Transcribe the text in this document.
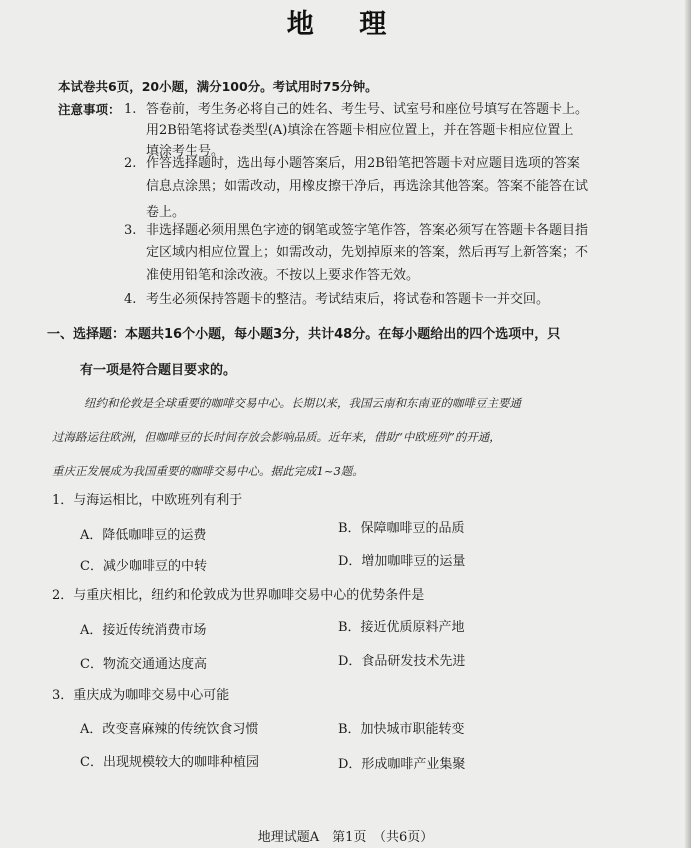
地 理
本试卷共6页，20小题，满分100分。考试用时75分钟。
注意事项： 1. 答卷前，考生务必将自己的姓名、考生号、试室号和座位号填写在答题卡上。
用2B铅笔将试卷类型(A)填涂在答题卡相应位置上，并在答题卡相应位置上
填涂考生号。
2. 作答选择题时，选出每小题答案后，用2B铅笔把答题卡对应题目选项的答案
信息点涂黑；如需改动，用橡皮擦干净后，再选涂其他答案。答案不能答在试
卷上。
3. 非选择题必须用黑色字迹的钢笔或签字笔作答，答案必须写在答题卡各题目指
定区域内相应位置上；如需改动，先划掉原来的答案，然后再写上新答案；不
准使用铅笔和涂改液。不按以上要求作答无效。
4. 考生必须保持答题卡的整洁。考试结束后，将试卷和答题卡一并交回。
一、选择题：本题共16个小题，每小题3分，共计48分。在每小题给出的四个选项中，只
有一项是符合题目要求的。
纽约和伦敦是全球重要的咖啡交易中心。长期以来，我国云南和东南亚的咖啡豆主要通
过海路运往欧洲，但咖啡豆的长时间存放会影响品质。近年来，借助“中欧班列”的开通，
重庆正发展成为我国重要的咖啡交易中心。据此完成1~3题。
1．与海运相比，中欧班列有利于
A．降低咖啡豆的运费	B．保障咖啡豆的品质
C．减少咖啡豆的中转	D．增加咖啡豆的运量
2．与重庆相比，纽约和伦敦成为世界咖啡交易中心的优势条件是
A．接近传统消费市场	B．接近优质原料产地
C．物流交通通达度高	D．食品研发技术先进
3．重庆成为咖啡交易中心可能
A．改变喜麻辣的传统饮食习惯	B．加快城市职能转变
C．出现规模较大的咖啡种植园	D．形成咖啡产业集聚
地理试题A　第1页　（共6页）
